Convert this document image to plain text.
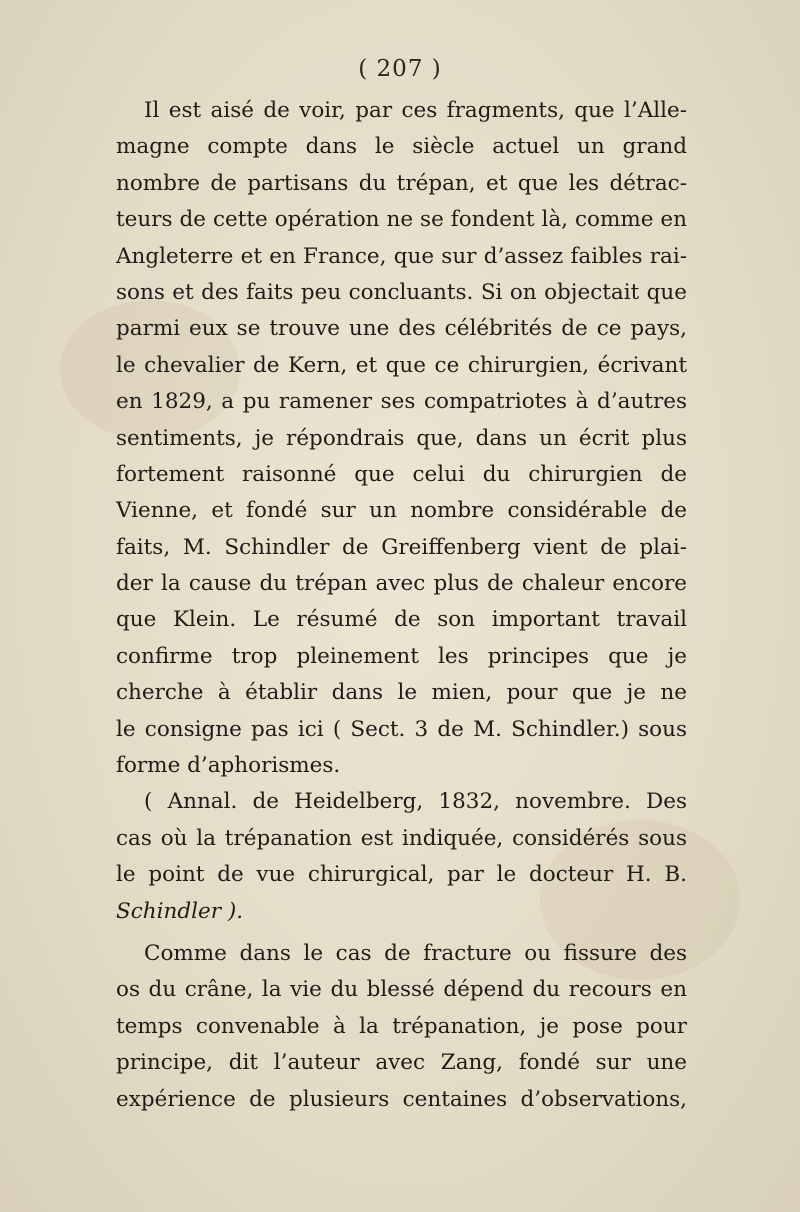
( 207 )
Il est aisé de voir, par ces fragments, que l’Alle-
magne compte dans le siècle actuel un grand
nombre de partisans du trépan, et que les détrac-
teurs de cette opération ne se fondent là, comme en
Angleterre et en France, que sur d’assez faibles rai-
sons et des faits peu concluants. Si on objectait que
parmi eux se trouve une des célébrités de ce pays,
le chevalier de Kern, et que ce chirurgien, écrivant
en 1829, a pu ramener ses compatriotes à d’autres
sentiments, je répondrais que, dans un écrit plus
fortement raisonné que celui du chirurgien de
Vienne, et fondé sur un nombre considérable de
faits, M. Schindler de Greiffenberg vient de plai-
der la cause du trépan avec plus de chaleur encore
que Klein. Le résumé de son important travail
confirme trop pleinement les principes que je
cherche à établir dans le mien, pour que je ne
le consigne pas ici ( Sect. 3 de M. Schindler.) sous
forme d’aphorismes.
( Annal. de Heidelberg, 1832, novembre. Des
cas où la trépanation est indiquée, considérés sous
le point de vue chirurgical, par le docteur H. B.
Schindler ).
Comme dans le cas de fracture ou fissure des
os du crâne, la vie du blessé dépend du recours en
temps convenable à la trépanation, je pose pour
principe, dit l’auteur avec Zang, fondé sur une
expérience de plusieurs centaines d’observations,
